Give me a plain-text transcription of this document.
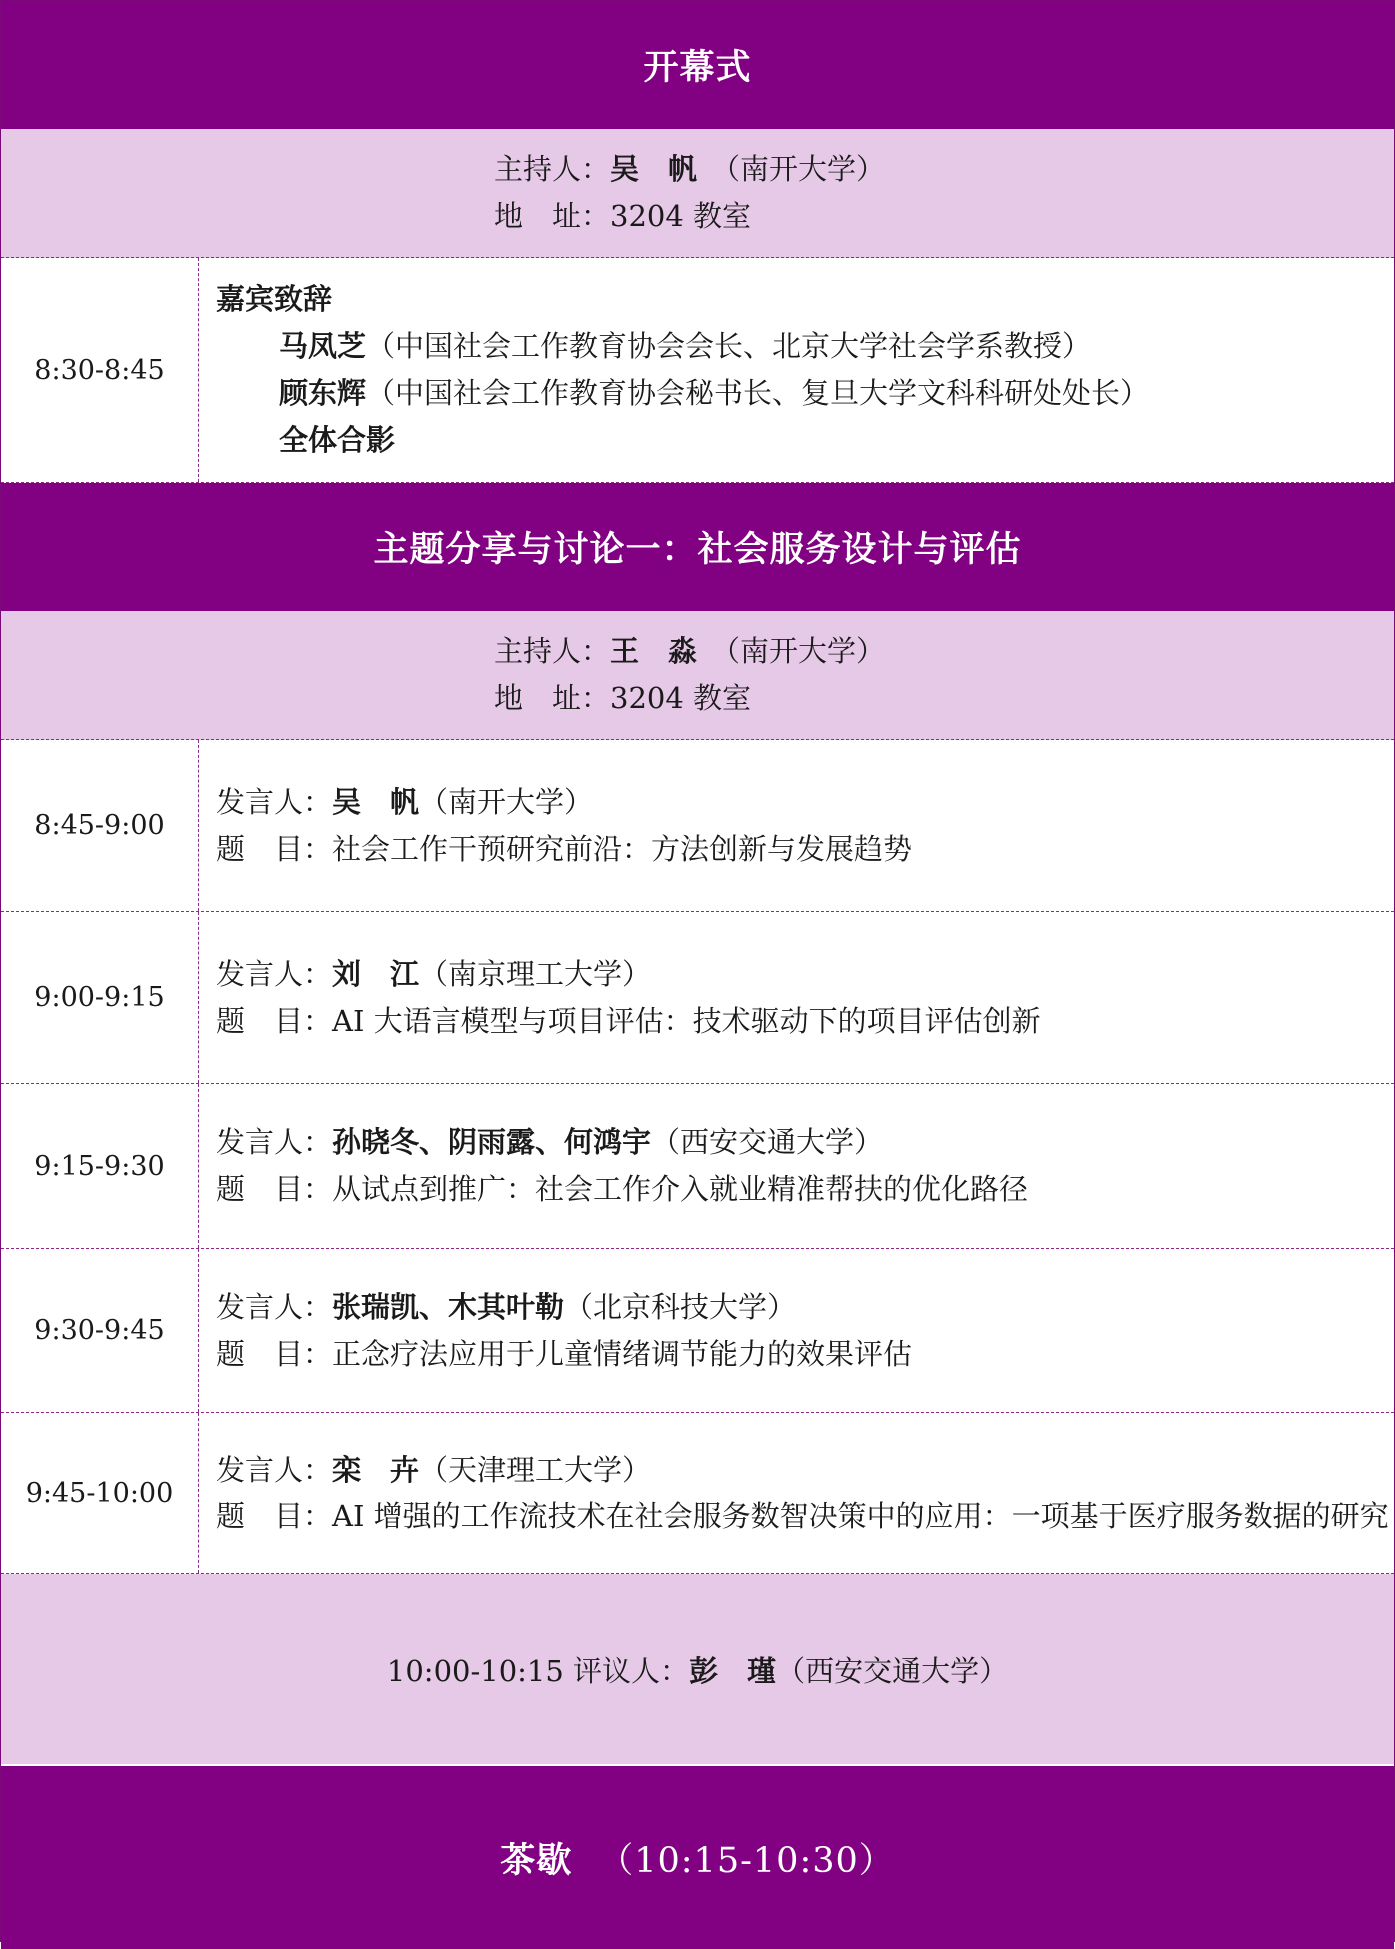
开幕式
主持人：吴　帆 （南开大学）
地　址：3204 教室
8:30-8:45
嘉宾致辞
马凤芝（中国社会工作教育协会会长、北京大学社会学系教授）
顾东辉（中国社会工作教育协会秘书长、复旦大学文科科研处处长）
全体合影
主题分享与讨论一：社会服务设计与评估
主持人：王　淼 （南开大学）
地　址：3204 教室
8:45-9:00
发言人：吴　帆（南开大学）
题　目： 社会工作干预研究前沿：方法创新与发展趋势
9:00-9:15
发言人：刘　江（南京理工大学）
题　目： AI 大语言模型与项目评估：技术驱动下的项目评估创新
9:15-9:30
发言人：孙晓冬、阴雨露、何鸿宇（西安交通大学）
题　目： 从试点到推广：社会工作介入就业精准帮扶的优化路径
9:30-9:45
发言人：张瑞凯、木其叶勒（北京科技大学）
题　目： 正念疗法应用于儿童情绪调节能力的效果评估
9:45-10:00
发言人：栾　卉（天津理工大学）
题　目： AI 增强的工作流技术在社会服务数智决策中的应用：一项基于医疗服务数据的研究
10:00-10:15 评议人： 彭　瑾 （西安交通大学）
茶歇 （10:15-10:30）
